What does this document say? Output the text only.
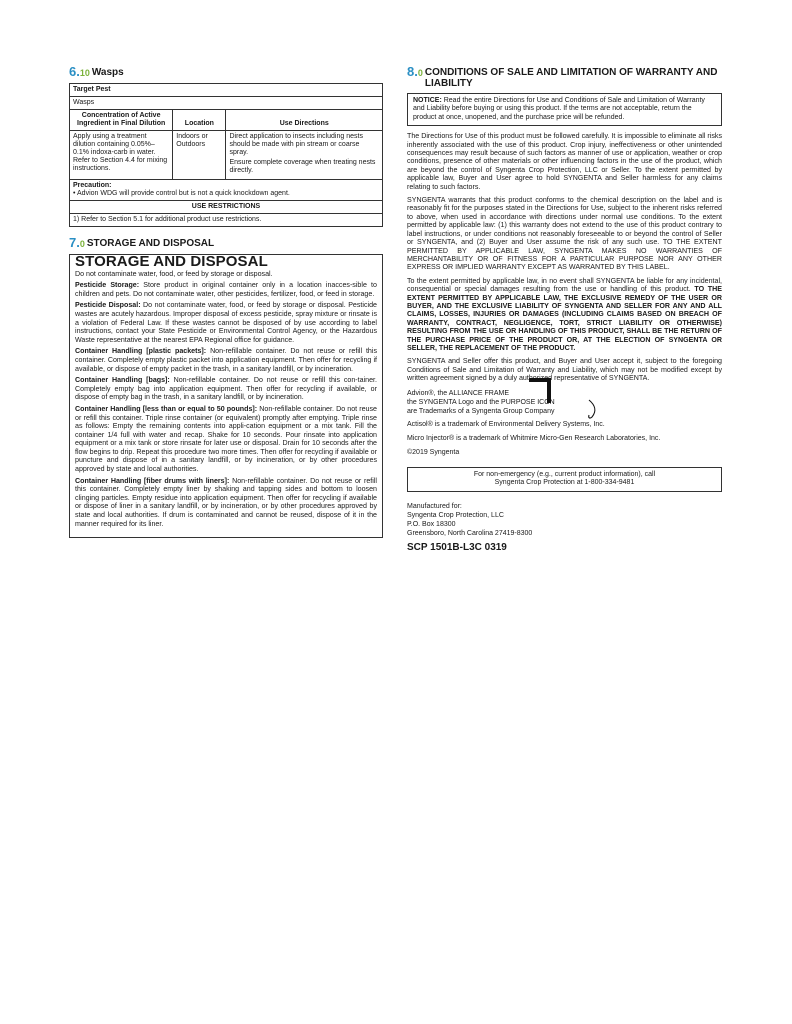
6.10 Wasps
Target Pest		
Wasps		
Concentration of Active Ingredient in Final Dilution	Location	Use Directions
Apply using a treatment dilution containing 0.05%–0.1% indoxa-carb in water. Refer to Section 4.4 for mixing instructions.	Indoors or Outdoors	Direct application to insects including nests should be made with pin stream or coarse spray.

Ensure complete coverage when treating nests directly.

Precaution:
• Advion WDG will provide control but is not a quick knockdown agent.		

USE RESTRICTIONS		
1) Refer to Section 5.1 for additional product use restrictions.		
7.0 STORAGE AND DISPOSAL
STORAGE AND DISPOSAL

Do not contaminate water, food, or feed by storage or disposal.

Pesticide Storage: Store product in original container only in a location inacces-sible to children and pets. Do not contaminate water, other pesticides, fertilizer, food, or feed in storage.

Pesticide Disposal: Do not contaminate water, food, or feed by storage or disposal. Pesticide wastes are acutely hazardous. Improper disposal of excess pesticide, spray mixture or rinsate is a violation of Federal Law. If these wastes cannot be disposed of by use according to label instructions, contact your State Pesticide or Environmental Control Agency, or the Hazardous Waste representative at the nearest EPA Regional office for guidance.

Container Handling [plastic packets]: Non-refillable container. Do not reuse or refill this container. Completely empty plastic packet into application equipment. Then offer for recycling if available, or dispose of empty packet in the trash, in a sanitary landfill, or by incineration.

Container Handling [bags]: Non-refillable container. Do not reuse or refill this con-tainer. Completely empty bag into application equipment. Then offer for recycling if available, or dispose of empty bag in the trash, in a sanitary landfill, or by incineration.

Container Handling [less than or equal to 50 pounds]: Non-refillable container. Do not reuse or refill this container. Triple rinse container (or equivalent) promptly after emptying. Triple rinse as follows: Empty the remaining contents into appli-cation equipment or a mix tank. Fill the container 1/4 full with water and recap. Shake for 10 seconds. Pour rinsate into application equipment or a mix tank or store rinsate for later use or disposal. Drain for 10 seconds after the flow begins to drip. Repeat this procedure two more times. Then offer for recycling if available or puncture and dispose of in a sanitary landfill, or by incineration, or by other procedures approved by state and local authorities.

Container Handling [fiber drums with liners]: Non-refillable container. Do not reuse or refill this container. Completely empty liner by shaking and tapping sides and bottom to loosen clinging particles. Empty residue into application equipment. Then offer for recycling if available or dispose of liner in a sanitary landfill, or by incineration, or by other procedures approved by state and local authorities. If drum is contaminated and cannot be reused, dispose of it in the manner required for its liner.

8.0 CONDITIONS OF SALE AND LIMITATION OF WARRANTY AND LIABILITY
NOTICE: Read the entire Directions for Use and Conditions of Sale and Limitation of Warranty and Liability before buying or using this product. If the terms are not acceptable, return the product at once, unopened, and the purchase price will be refunded.

The Directions for Use of this product must be followed carefully. It is impossible to eliminate all risks inherently associated with the use of this product. Crop injury, ineffectiveness or other unintended consequences may result because of such factors as manner of use or application, weather or crop conditions, presence of other materials or other influencing factors in the use of the product, which are beyond the control of Syngenta Crop Protection, LLC or Seller. To the extent permitted by applicable law, Buyer and User agree to hold SYNGENTA and Seller harmless for any claims relating to such factors.

SYNGENTA warrants that this product conforms to the chemical description on the label and is reasonably fit for the purposes stated in the Directions for Use, subject to the inherent risks referred to above, when used in accordance with directions under normal use conditions. To the extent permitted by applicable law: (1) this warranty does not extend to the use of this product contrary to label instructions, or under conditions not reasonably foreseeable to or beyond the control of Seller or SYNGENTA, and (2) Buyer and User assume the risk of any such use. TO THE EXTENT PERMITTED BY APPLICABLE LAW, SYNGENTA MAKES NO WARRANTIES OF MERCHANTABILITY OR OF FITNESS FOR A PARTICULAR PURPOSE NOR ANY OTHER EXPRESS OR IMPLIED WARRANTY EXCEPT AS WARRANTED BY THIS LABEL.

To the extent permitted by applicable law, in no event shall SYNGENTA be liable for any incidental, consequential or special damages resulting from the use or handling of this product. TO THE EXTENT PERMITTED BY APPLICABLE LAW, THE EXCLUSIVE REMEDY OF THE USER OR BUYER, AND THE EXCLUSIVE LIABILITY OF SYNGENTA AND SELLER FOR ANY AND ALL CLAIMS, LOSSES, INJURIES OR DAMAGES (INCLUDING CLAIMS BASED ON BREACH OF WARRANTY, CONTRACT, NEGLIGENCE, TORT, STRICT LIABILITY OR OTHERWISE) RESULTING FROM THE USE OR HANDLING OF THIS PRODUCT, SHALL BE THE RETURN OF THE PURCHASE PRICE OF THE PRODUCT OR, AT THE ELECTION OF SYNGENTA OR SELLER, THE REPLACEMENT OF THE PRODUCT.

SYNGENTA and Seller offer this product, and Buyer and User accept it, subject to the foregoing Conditions of Sale and Limitation of Warranty and Liability, which may not be modified except by written agreement signed by a duly authorized representative of SYNGENTA.

Advion®, the ALLIANCE FRAME
the SYNGENTA Logo and the PURPOSE ICON
are Trademarks of a Syngenta Group Company
Actisol® is a trademark of Environmental Delivery Systems, Inc.
Micro Injector® is a trademark of Whitmire Micro-Gen Research Laboratories, Inc.
©2019 Syngenta
For non-emergency (e.g., current product information), call
Syngenta Crop Protection at 1-800-334-9481
Manufactured for:
Syngenta Crop Protection, LLC
P.O. Box 18300
Greensboro, North Carolina 27419-8300
SCP 1501B-L3C 0319
